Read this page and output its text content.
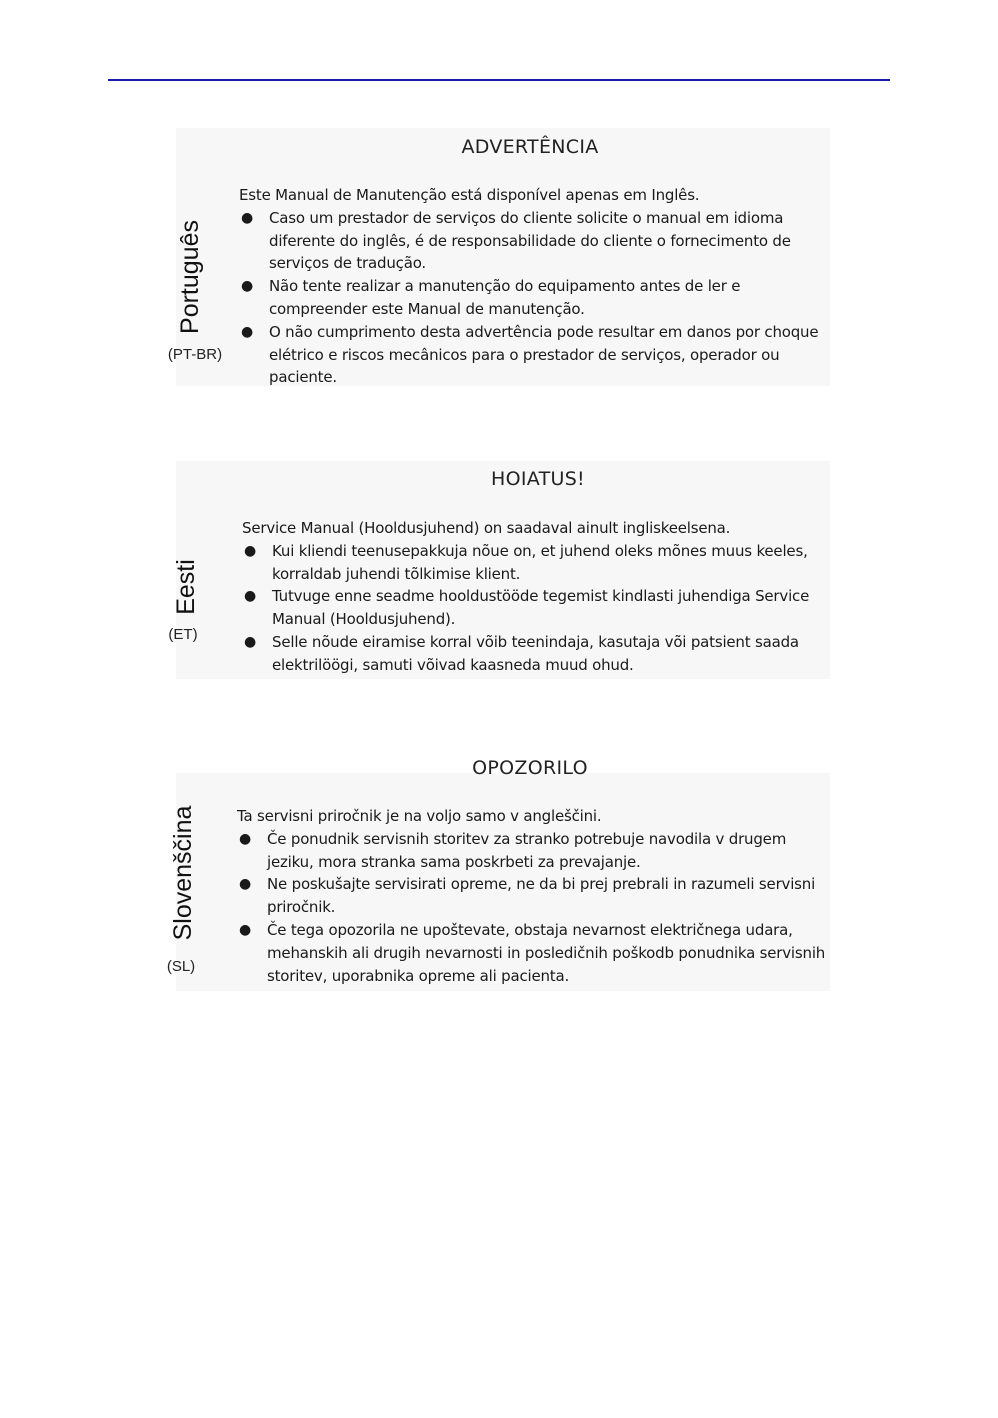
ADVERTÊNCIA
Português
(PT-BR)

Este Manual de Manutenção está disponível apenas em Inglês.

● Caso um prestador de serviços do cliente solicite o manual em idioma diferente do inglês, é de responsabilidade do cliente o fornecimento de serviços de tradução.
● Não tente realizar a manutenção do equipamento antes de ler e compreender este Manual de manutenção.
● O não cumprimento desta advertência pode resultar em danos por choque elétrico e riscos mecânicos para o prestador de serviços, operador ou paciente.
HOIATUS!
Eesti
(ET)

Service Manual (Hooldusjuhend) on saadaval ainult ingliskeelsena.

● Kui kliendi teenusepakkuja nõue on, et juhend oleks mõnes muus keeles, korraldab juhendi tõlkimise klient.
● Tutvuge enne seadme hooldustööde tegemist kindlasti juhendiga Service Manual (Hooldusjuhend).
● Selle nõude eiramise korral võib teenindaja, kasutaja või patsient saada elektrilöögi, samuti võivad kaasneda muud ohud.
OPOZORILO
Slovenščina
(SL)

Ta servisni priročnik je na voljo samo v angleščini.

● Če ponudnik servisnih storitev za stranko potrebuje navodila v drugem jeziku, mora stranka sama poskrbeti za prevajanje.
● Ne poskušajte servisirati opreme, ne da bi prej prebrali in razumeli servisni priročnik.
● Če tega opozorila ne upoštevate, obstaja nevarnost električnega udara, mehanskih ali drugih nevarnosti in posledičnih poškodb ponudnika servisnih storitev, uporabnika opreme ali pacienta.
